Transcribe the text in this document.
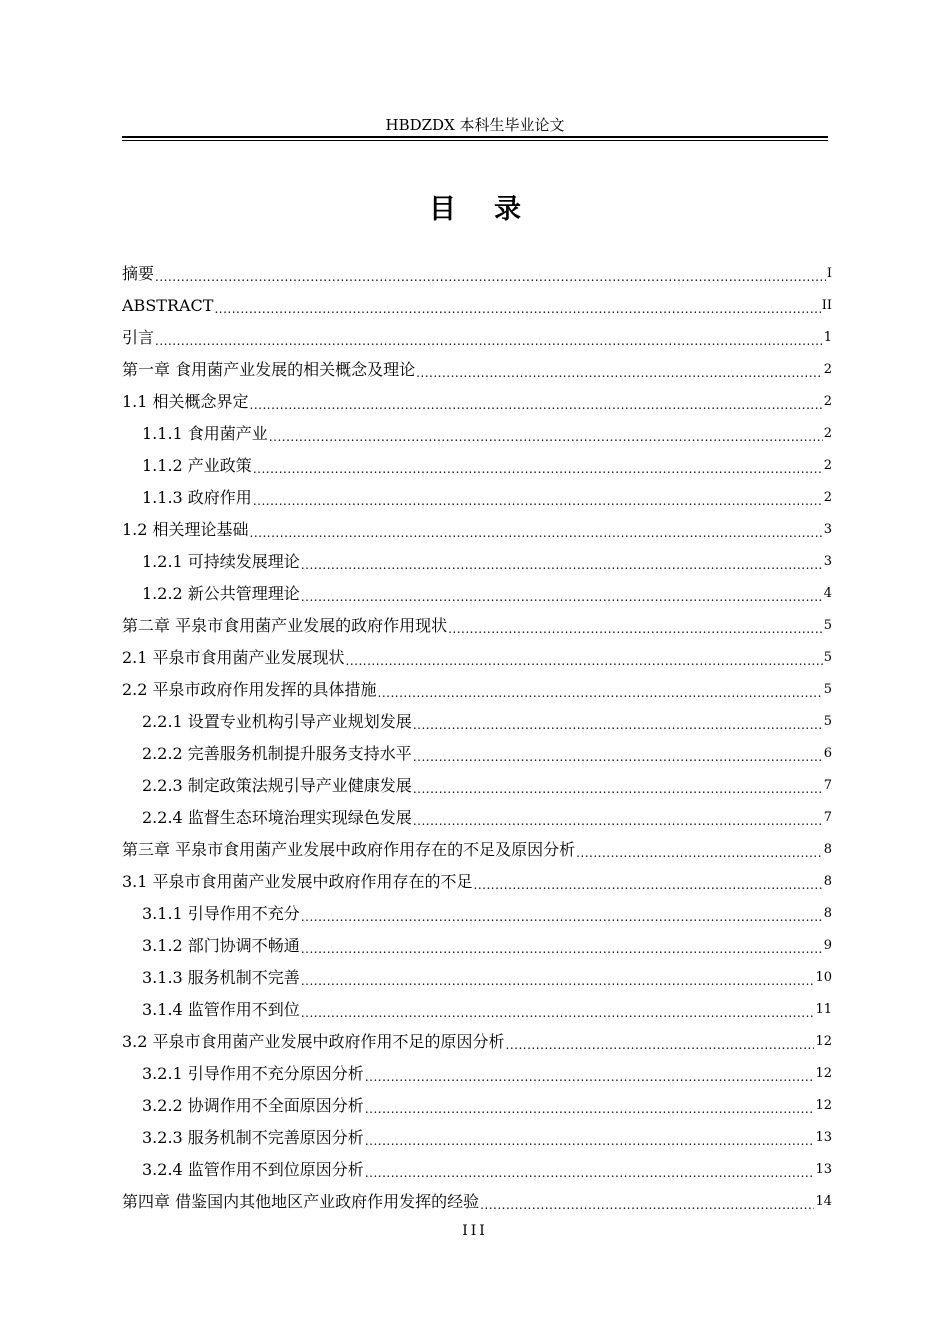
HBDZDX 本科生毕业论文
目录
摘要 .....	I
ABSTRACT .....	II
引言 .....	1
第一章 食用菌产业发展的相关概念及理论 .....	2
1.1 相关概念界定 .....	2
1.1.1 食用菌产业 .....	2
1.1.2 产业政策 .....	2
1.1.3 政府作用 .....	2
1.2 相关理论基础 .....	3
1.2.1 可持续发展理论 .....	3
1.2.2 新公共管理理论 .....	4
第二章 平泉市食用菌产业发展的政府作用现状 .....	5
2.1 平泉市食用菌产业发展现状 .....	5
2.2 平泉市政府作用发挥的具体措施 .....	5
2.2.1 设置专业机构引导产业规划发展 .....	5
2.2.2 完善服务机制提升服务支持水平 .....	6
2.2.3 制定政策法规引导产业健康发展 .....	7
2.2.4 监督生态环境治理实现绿色发展 .....	7
第三章 平泉市食用菌产业发展中政府作用存在的不足及原因分析 .....	8
3.1 平泉市食用菌产业发展中政府作用存在的不足 .....	8
3.1.1 引导作用不充分 .....	8
3.1.2 部门协调不畅通 .....	9
3.1.3 服务机制不完善 .....	10
3.1.4 监管作用不到位 .....	11
3.2 平泉市食用菌产业发展中政府作用不足的原因分析 .....	12
3.2.1 引导作用不充分原因分析 .....	12
3.2.2 协调作用不全面原因分析 .....	12
3.2.3 服务机制不完善原因分析 .....	13
3.2.4 监管作用不到位原因分析 .....	13
第四章 借鉴国内其他地区产业政府作用发挥的经验 .....	14
III
